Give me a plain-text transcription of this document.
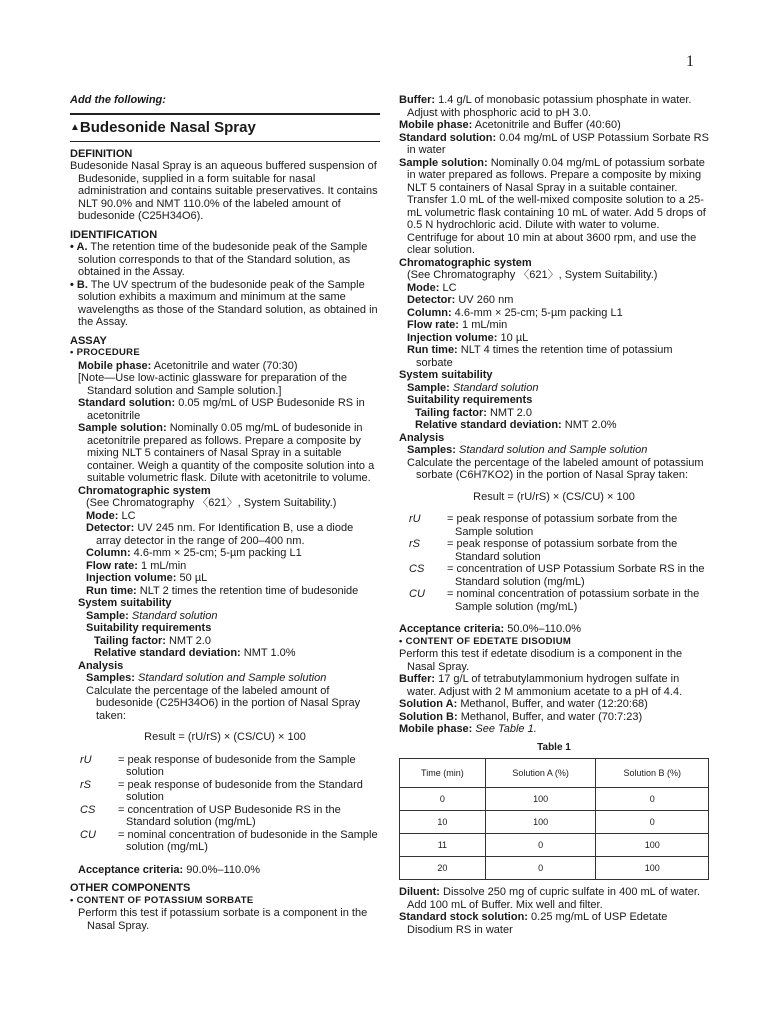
1

Add the following:

▲Budesonide Nasal Spray

DEFINITION

Budesonide Nasal Spray is an aqueous buffered suspension of Budesonide, supplied in a form suitable for nasal administration and contains suitable preservatives. It contains NLT 90.0% and NMT 110.0% of the labeled amount of budesonide (C25H34O6).

IDENTIFICATION

• A. The retention time of the budesonide peak of the Sample solution corresponds to that of the Standard solution, as obtained in the Assay.

• B. The UV spectrum of the budesonide peak of the Sample solution exhibits a maximum and minimum at the same wavelengths as those of the Standard solution, as obtained in the Assay.

ASSAY

• PROCEDURE

Mobile phase: Acetonitrile and water (70:30)

[Note—Use low-actinic glassware for preparation of the Standard solution and Sample solution.]

Standard solution: 0.05 mg/mL of USP Budesonide RS in acetonitrile

Sample solution: Nominally 0.05 mg/mL of budesonide in acetonitrile prepared as follows. Prepare a composite by mixing NLT 5 containers of Nasal Spray in a suitable container. Weigh a quantity of the composite solution into a suitable volumetric flask. Dilute with acetonitrile to volume.

Chromatographic system

(See Chromatography 〈621〉, System Suitability.)

Mode: LC

Detector: UV 245 nm. For Identification B, use a diode array detector in the range of 200–400 nm.

Column: 4.6-mm × 25-cm; 5-µm packing L1

Flow rate: 1 mL/min

Injection volume: 50 µL

Run time: NLT 2 times the retention time of budesonide

System suitability

Sample: Standard solution

Suitability requirements

Tailing factor: NMT 2.0

Relative standard deviation: NMT 1.0%

Analysis

Samples: Standard solution and Sample solution

Calculate the percentage of the labeled amount of budesonide (C25H34O6) in the portion of Nasal Spray taken:

Result = (rU/rS) × (CS/CU) × 100

rU	= peak response of budesonide from the Sample solution
rS	= peak response of budesonide from the Standard solution
CS	= concentration of USP Budesonide RS in the Standard solution (mg/mL)
CU	= nominal concentration of budesonide in the Sample solution (mg/mL)

Acceptance criteria: 90.0%–110.0%

OTHER COMPONENTS

• CONTENT OF POTASSIUM SORBATE

Perform this test if potassium sorbate is a component in the Nasal Spray.

Buffer: 1.4 g/L of monobasic potassium phosphate in water. Adjust with phosphoric acid to pH 3.0.

Mobile phase: Acetonitrile and Buffer (40:60)

Standard solution: 0.04 mg/mL of USP Potassium Sorbate RS in water

Sample solution: Nominally 0.04 mg/mL of potassium sorbate in water prepared as follows. Prepare a composite by mixing NLT 5 containers of Nasal Spray in a suitable container. Transfer 1.0 mL of the well-mixed composite solution to a 25-mL volumetric flask containing 10 mL of water. Add 5 drops of 0.5 N hydrochloric acid. Dilute with water to volume. Centrifuge for about 10 min at about 3600 rpm, and use the clear solution.

Chromatographic system

(See Chromatography 〈621〉, System Suitability.)

Mode: LC

Detector: UV 260 nm

Column: 4.6-mm × 25-cm; 5-µm packing L1

Flow rate: 1 mL/min

Injection volume: 10 µL

Run time: NLT 4 times the retention time of potassium sorbate

System suitability

Sample: Standard solution

Suitability requirements

Tailing factor: NMT 2.0

Relative standard deviation: NMT 2.0%

Analysis

Samples: Standard solution and Sample solution

Calculate the percentage of the labeled amount of potassium sorbate (C6H7KO2) in the portion of Nasal Spray taken:

Result = (rU/rS) × (CS/CU) × 100

rU	= peak response of potassium sorbate from the Sample solution
rS	= peak response of potassium sorbate from the Standard solution
CS	= concentration of USP Potassium Sorbate RS in the Standard solution (mg/mL)
CU	= nominal concentration of potassium sorbate in the Sample solution (mg/mL)

Acceptance criteria: 50.0%–110.0%

• CONTENT OF EDETATE DISODIUM

Perform this test if edetate disodium is a component in the Nasal Spray.

Buffer: 17 g/L of tetrabutylammonium hydrogen sulfate in water. Adjust with 2 M ammonium acetate to a pH of 4.4.

Solution A: Methanol, Buffer, and water (12:20:68)

Solution B: Methanol, Buffer, and water (70:7:23)

Mobile phase: See Table 1.

Table 1

Time (min)	Solution A (%)	Solution B (%)
0	100	0
10	100	0
11	0	100
20	0	100

Diluent: Dissolve 250 mg of cupric sulfate in 400 mL of water. Add 100 mL of Buffer. Mix well and filter.

Standard stock solution: 0.25 mg/mL of USP Edetate Disodium RS in water
